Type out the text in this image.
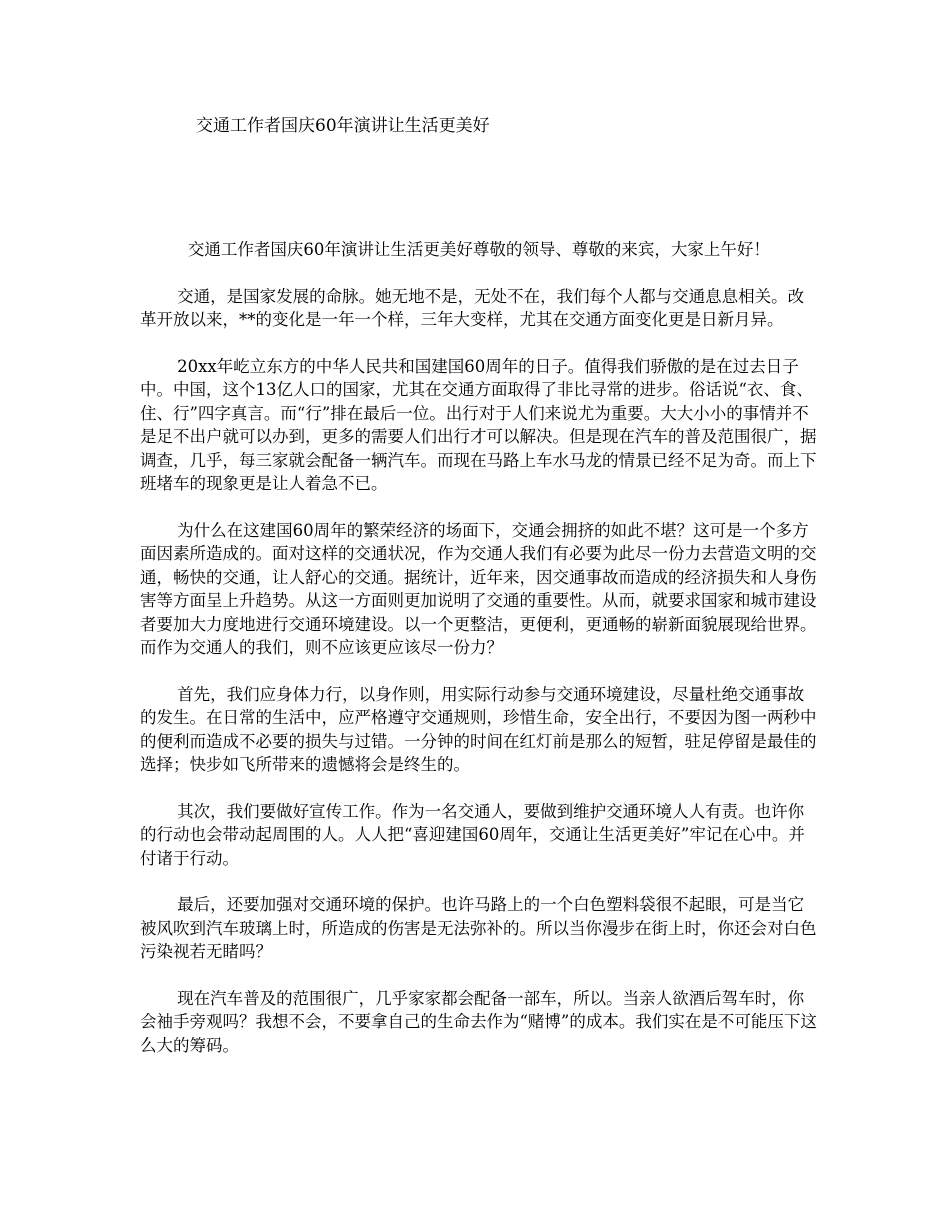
交通工作者国庆60年演讲让生活更美好

交通工作者国庆60年演讲让生活更美好尊敬的领导、尊敬的来宾，大家上午好！

交通，是国家发展的命脉。她无地不是，无处不在，我们每个人都与交通息息相关。改革开放以来，**的变化是一年一个样，三年大变样，尤其在交通方面变化更是日新月异。

20xx年屹立东方的中华人民共和国建国60周年的日子。值得我们骄傲的是在过去日子中。中国，这个13亿人口的国家，尤其在交通方面取得了非比寻常的进步。俗话说“衣、食、住、行”四字真言。而“行”排在最后一位。出行对于人们来说尤为重要。大大小小的事情并不是足不出户就可以办到，更多的需要人们出行才可以解决。但是现在汽车的普及范围很广，据调查，几乎，每三家就会配备一辆汽车。而现在马路上车水马龙的情景已经不足为奇。而上下班堵车的现象更是让人着急不已。

为什么在这建国60周年的繁荣经济的场面下，交通会拥挤的如此不堪？这可是一个多方面因素所造成的。面对这样的交通状况，作为交通人我们有必要为此尽一份力去营造文明的交通，畅快的交通，让人舒心的交通。据统计，近年来，因交通事故而造成的经济损失和人身伤害等方面呈上升趋势。从这一方面则更加说明了交通的重要性。从而，就要求国家和城市建设者要加大力度地进行交通环境建设。以一个更整洁，更便利，更通畅的崭新面貌展现给世界。而作为交通人的我们，则不应该更应该尽一份力？

首先，我们应身体力行，以身作则，用实际行动参与交通环境建设，尽量杜绝交通事故的发生。在日常的生活中，应严格遵守交通规则，珍惜生命，安全出行，不要因为图一两秒中的便利而造成不必要的损失与过错。一分钟的时间在红灯前是那么的短暂，驻足停留是最佳的选择；快步如飞所带来的遗憾将会是终生的。

其次，我们要做好宣传工作。作为一名交通人，要做到维护交通环境人人有责。也许你的行动也会带动起周围的人。人人把“喜迎建国60周年，交通让生活更美好”牢记在心中。并付诸于行动。

最后，还要加强对交通环境的保护。也许马路上的一个白色塑料袋很不起眼，可是当它被风吹到汽车玻璃上时，所造成的伤害是无法弥补的。所以当你漫步在街上时，你还会对白色污染视若无睹吗？

现在汽车普及的范围很广，几乎家家都会配备一部车，所以。当亲人欲酒后驾车时，你会袖手旁观吗？我想不会，不要拿自己的生命去作为“赌博”的成本。我们实在是不可能压下这么大的筹码。
